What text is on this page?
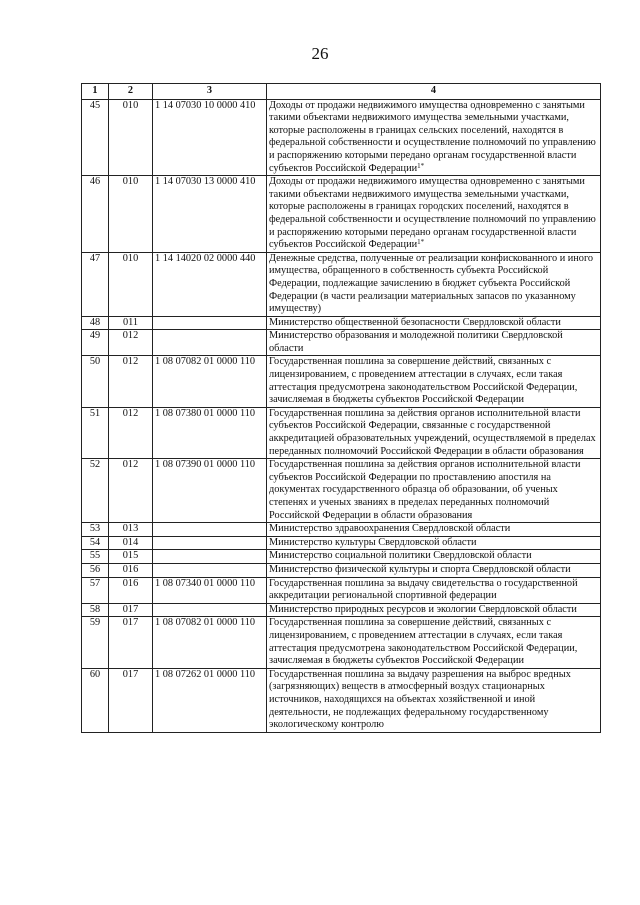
26
1	2	3	4
45	010	1 14 07030 10 0000 410	Доходы от продажи недвижимого имущества одновременно с занятыми такими объектами недвижимого имущества земельными участками, которые расположены в границах сельских поселений, находятся в федеральной собственности и осуществление полномочий по управлению и распоряжению которыми передано органам государственной власти субъектов Российской Федерации$^{1*}$
46	010	1 14 07030 13 0000 410	Доходы от продажи недвижимого имущества одновременно с занятыми такими объектами недвижимого имущества земельными участками, которые расположены в границах городских поселений, находятся в федеральной собственности и осуществление полномочий по управлению и распоряжению которыми передано органам государственной власти субъектов Российской Федерации$^{1*}$
47	010	1 14 14020 02 0000 440	Денежные средства, полученные от реализации конфискованного и иного имущества, обращенного в собственность субъекта Российской Федерации, подлежащие зачислению в бюджет субъекта Российской Федерации (в части реализации материальных запасов по указанному имуществу)
48	011		Министерство общественной безопасности Свердловской области
49	012		Министерство образования и молодежной политики Свердловской области
50	012	1 08 07082 01 0000 110	Государственная пошлина за совершение действий, связанных с лицензированием, с проведением аттестации в случаях, если такая аттестация предусмотрена законодательством Российской Федерации, зачисляемая в бюджеты субъектов Российской Федерации
51	012	1 08 07380 01 0000 110	Государственная пошлина за действия органов исполнительной власти субъектов Российской Федерации, связанные с государственной аккредитацией образовательных учреждений, осуществляемой в пределах переданных полномочий Российской Федерации в области образования
52	012	1 08 07390 01 0000 110	Государственная пошлина за действия органов исполнительной власти субъектов Российской Федерации по проставлению апостиля на документах государственного образца об образовании, об ученых степенях и ученых званиях в пределах переданных полномочий Российской Федерации в области образования
53	013		Министерство здравоохранения Свердловской области
54	014		Министерство культуры Свердловской области
55	015		Министерство социальной политики Свердловской области
56	016		Министерство физической культуры и спорта Свердловской области
57	016	1 08 07340 01 0000 110	Государственная пошлина за выдачу свидетельства о государственной аккредитации региональной спортивной федерации
58	017		Министерство природных ресурсов и экологии Свердловской области
59	017	1 08 07082 01 0000 110	Государственная пошлина за совершение действий, связанных с лицензированием, с проведением аттестации в случаях, если такая аттестация предусмотрена законодательством Российской Федерации, зачисляемая в бюджеты субъектов Российской Федерации
60	017	1 08 07262 01 0000 110	Государственная пошлина за выдачу разрешения на выброс вредных (загрязняющих) веществ в атмосферный воздух стационарных источников, находящихся на объектах хозяйственной и иной деятельности, не подлежащих федеральному государственному экологическому контролю
